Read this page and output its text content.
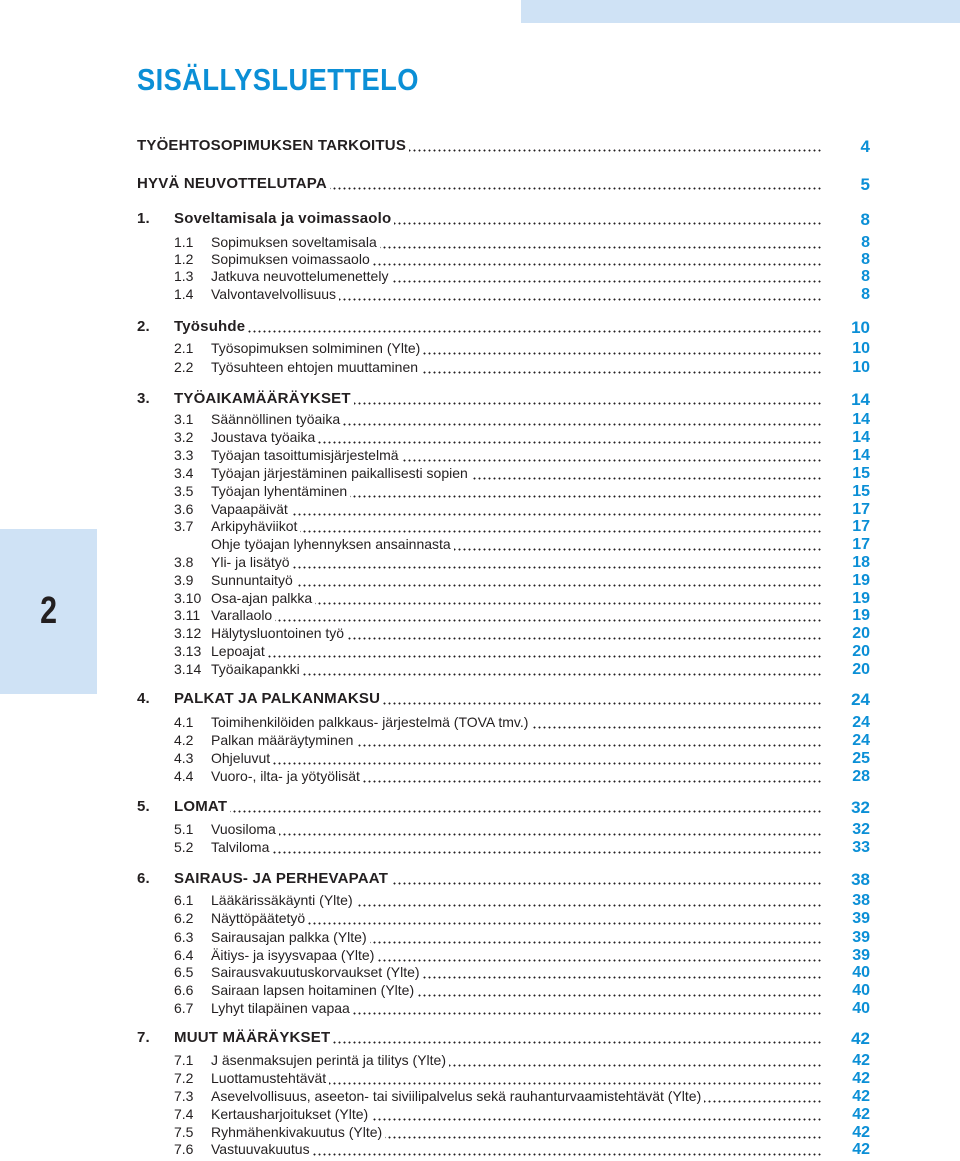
2
SISÄLLYSLUETTELO
TYÖEHTOSOPIMUKSEN TARKOITUS	4
HYVÄ NEUVOTTELUTAPA	5
1. Soveltamisala ja voimassaolo	8
1.1 Sopimuksen soveltamisala	8
1.2 Sopimuksen voimassaolo	8
1.3 Jatkuva neuvottelumenettely	8
1.4 Valvontavelvollisuus	8
2. Työsuhde	10
2.1 Työsopimuksen solmiminen (Ylte)	10
2.2 Työsuhteen ehtojen muuttaminen	10
3. TYÖAIKAMÄÄRÄYKSET	14
3.1 Säännöllinen työaika	14
3.2 Joustava työaika	14
3.3 Työajan tasoittumisjärjestelmä	14
3.4 Työajan järjestäminen paikallisesti sopien	15
3.5 Työajan lyhentäminen	15
3.6 Vapaapäivät	17
3.7 Arkipyhäviikot	17
Ohje työajan lyhennyksen ansainnasta	17
3.8 Yli- ja lisätyö	18
3.9 Sunnuntaityö	19
3.10 Osa-ajan palkka	19
3.11 Varallaolo	19
3.12 Hälytysluontoinen työ	20
3.13 Lepoajat	20
3.14 Työaikapankki	20
4. PALKAT JA PALKANMAKSU	24
4.1 Toimihenkilöiden palkkaus- järjestelmä (TOVA tmv.)	24
4.2 Palkan määräytyminen	24
4.3 Ohjeluvut	25
4.4 Vuoro-, ilta- ja yötyölisät	28
5. LOMAT	32
5.1 Vuosiloma	32
5.2 Talviloma	33
6. SAIRAUS- JA PERHEVAPAAT	38
6.1 Lääkärissäkäynti (Ylte)	38
6.2 Näyttöpäätetyö	39
6.3 Sairausajan palkka (Ylte)	39
6.4 Äitiys- ja isyysvapaa (Ylte)	39
6.5 Sairausvakuutuskorvaukset (Ylte)	40
6.6 Sairaan lapsen hoitaminen (Ylte)	40
6.7 Lyhyt tilapäinen vapaa	40
7. MUUT MÄÄRÄYKSET	42
7.1 J äsenmaksujen perintä ja tilitys (Ylte)	42
7.2 Luottamustehtävät	42
7.3 Asevelvollisuus, aseeton- tai siviilipalvelus sekä rauhanturvaamistehtävät (Ylte)	42
7.4 Kertausharjoitukset (Ylte)	42
7.5 Ryhmähenkivakuutus (Ylte)	42
7.6 Vastuuvakuutus	42
